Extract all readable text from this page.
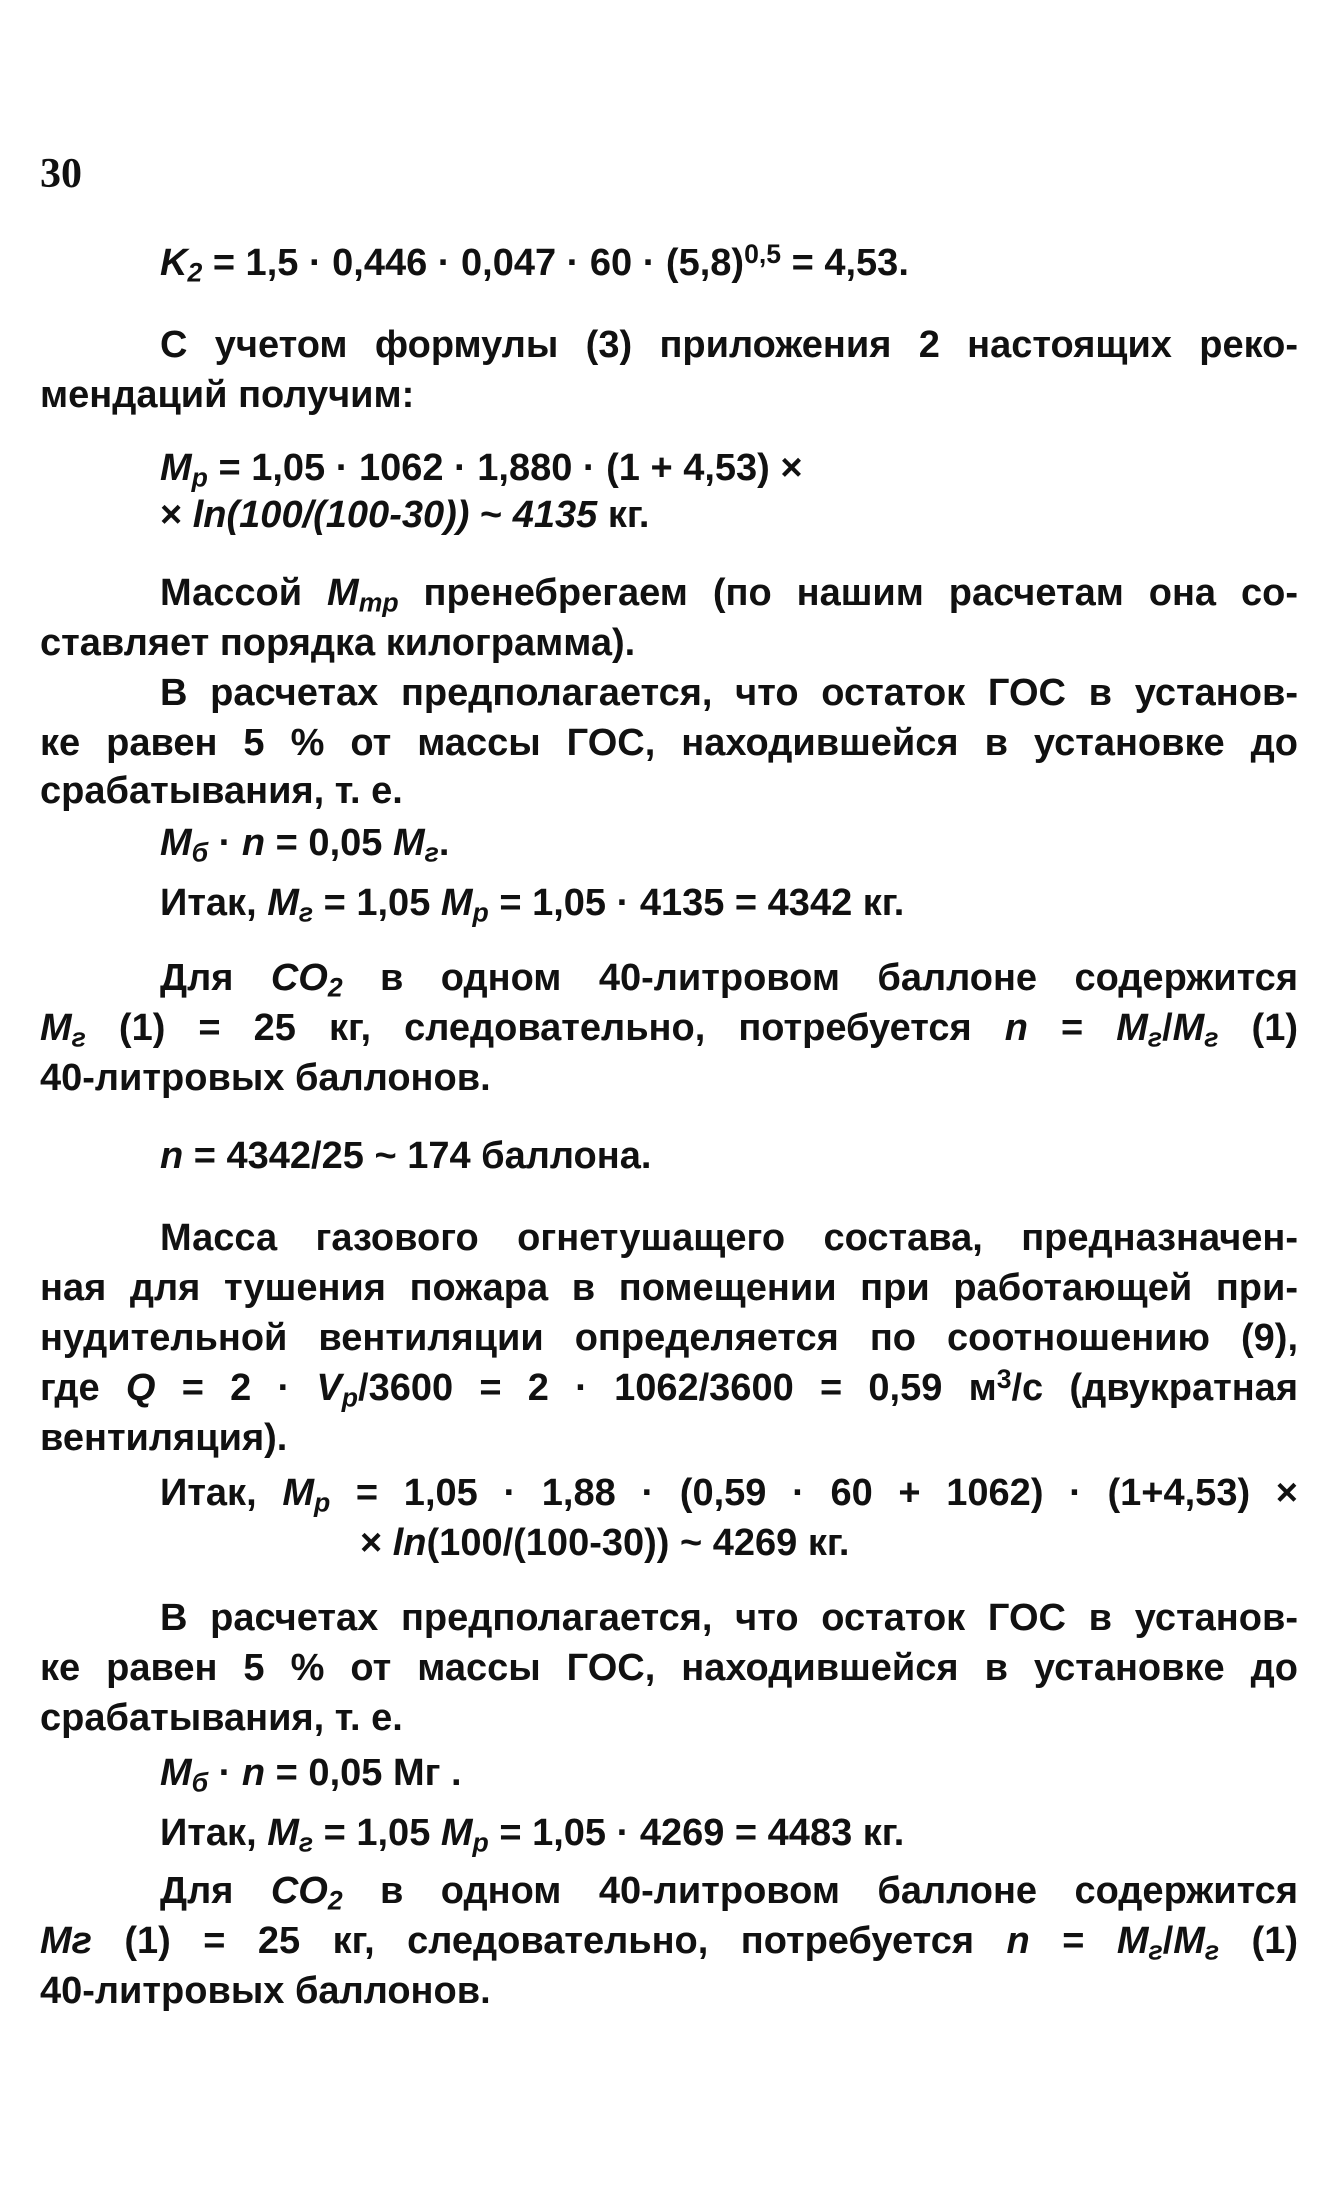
30
$K_2 = 1,5 \cdot 0,446 \cdot 0,047 \cdot 60 \cdot (5,8)^{0,5} = 4,53$.
С учетом формулы (3) приложения 2 настоящих реко-
мендаций получим:
$M_p = 1,05 \cdot 1062 \cdot 1,880 \cdot (1 + 4,53)$ ×
× ln(100/(100-30)) ~ 4135 кг.
Массой $M_{тр}$ пренебрегаем (по нашим расчетам она со-
ставляет порядка килограмма).
В расчетах предполагается, что остаток ГОС в установ-
ке равен 5 % от массы ГОС, находившейся в установке до
срабатывания, т. е.
$M_б \cdot n = 0,05$ $M_г$.
Итак, $M_г = 1,05$ $M_p = 1,05 \cdot 4135 = 4342$ кг.
Для $CO_2$ в одном 40-литровом баллоне содержится
$M_г$ (1) = 25 кг, следовательно, потребуется $n = M_г/M_г$ (1)
40-литровых баллонов.
n = 4342/25 ~ 174 баллона.
Масса газового огнетушащего состава, предназначен-
ная для тушения пожара в помещении при работающей при-
нудительной вентиляции определяется по соотношению (9),
где $Q = 2 \cdot V_p/3600 = 2 \cdot 1062/3600 = 0,59$ $м^3/с$ (двукратная
вентиляция).
Итак, $M_p = 1,05 \cdot 1,88 \cdot (0,59 \cdot 60 + 1062) \cdot (1+4,53)$ ×
× ln(100/(100-30)) ~ 4269 кг.
В расчетах предполагается, что остаток ГОС в установ-
ке равен 5 % от массы ГОС, находившейся в установке до
срабатывания, т. е.
$M_б \cdot n = 0,05$ Мг .
Итак, $M_г = 1,05$ $M_p = 1,05 \cdot 4269 = 4483$ кг.
Для $CO_2$ в одном 40-литровом баллоне содержится
Мг (1) = 25 кг, следовательно, потребуется $n = M_г/M_г$ (1)
40-литровых баллонов.
